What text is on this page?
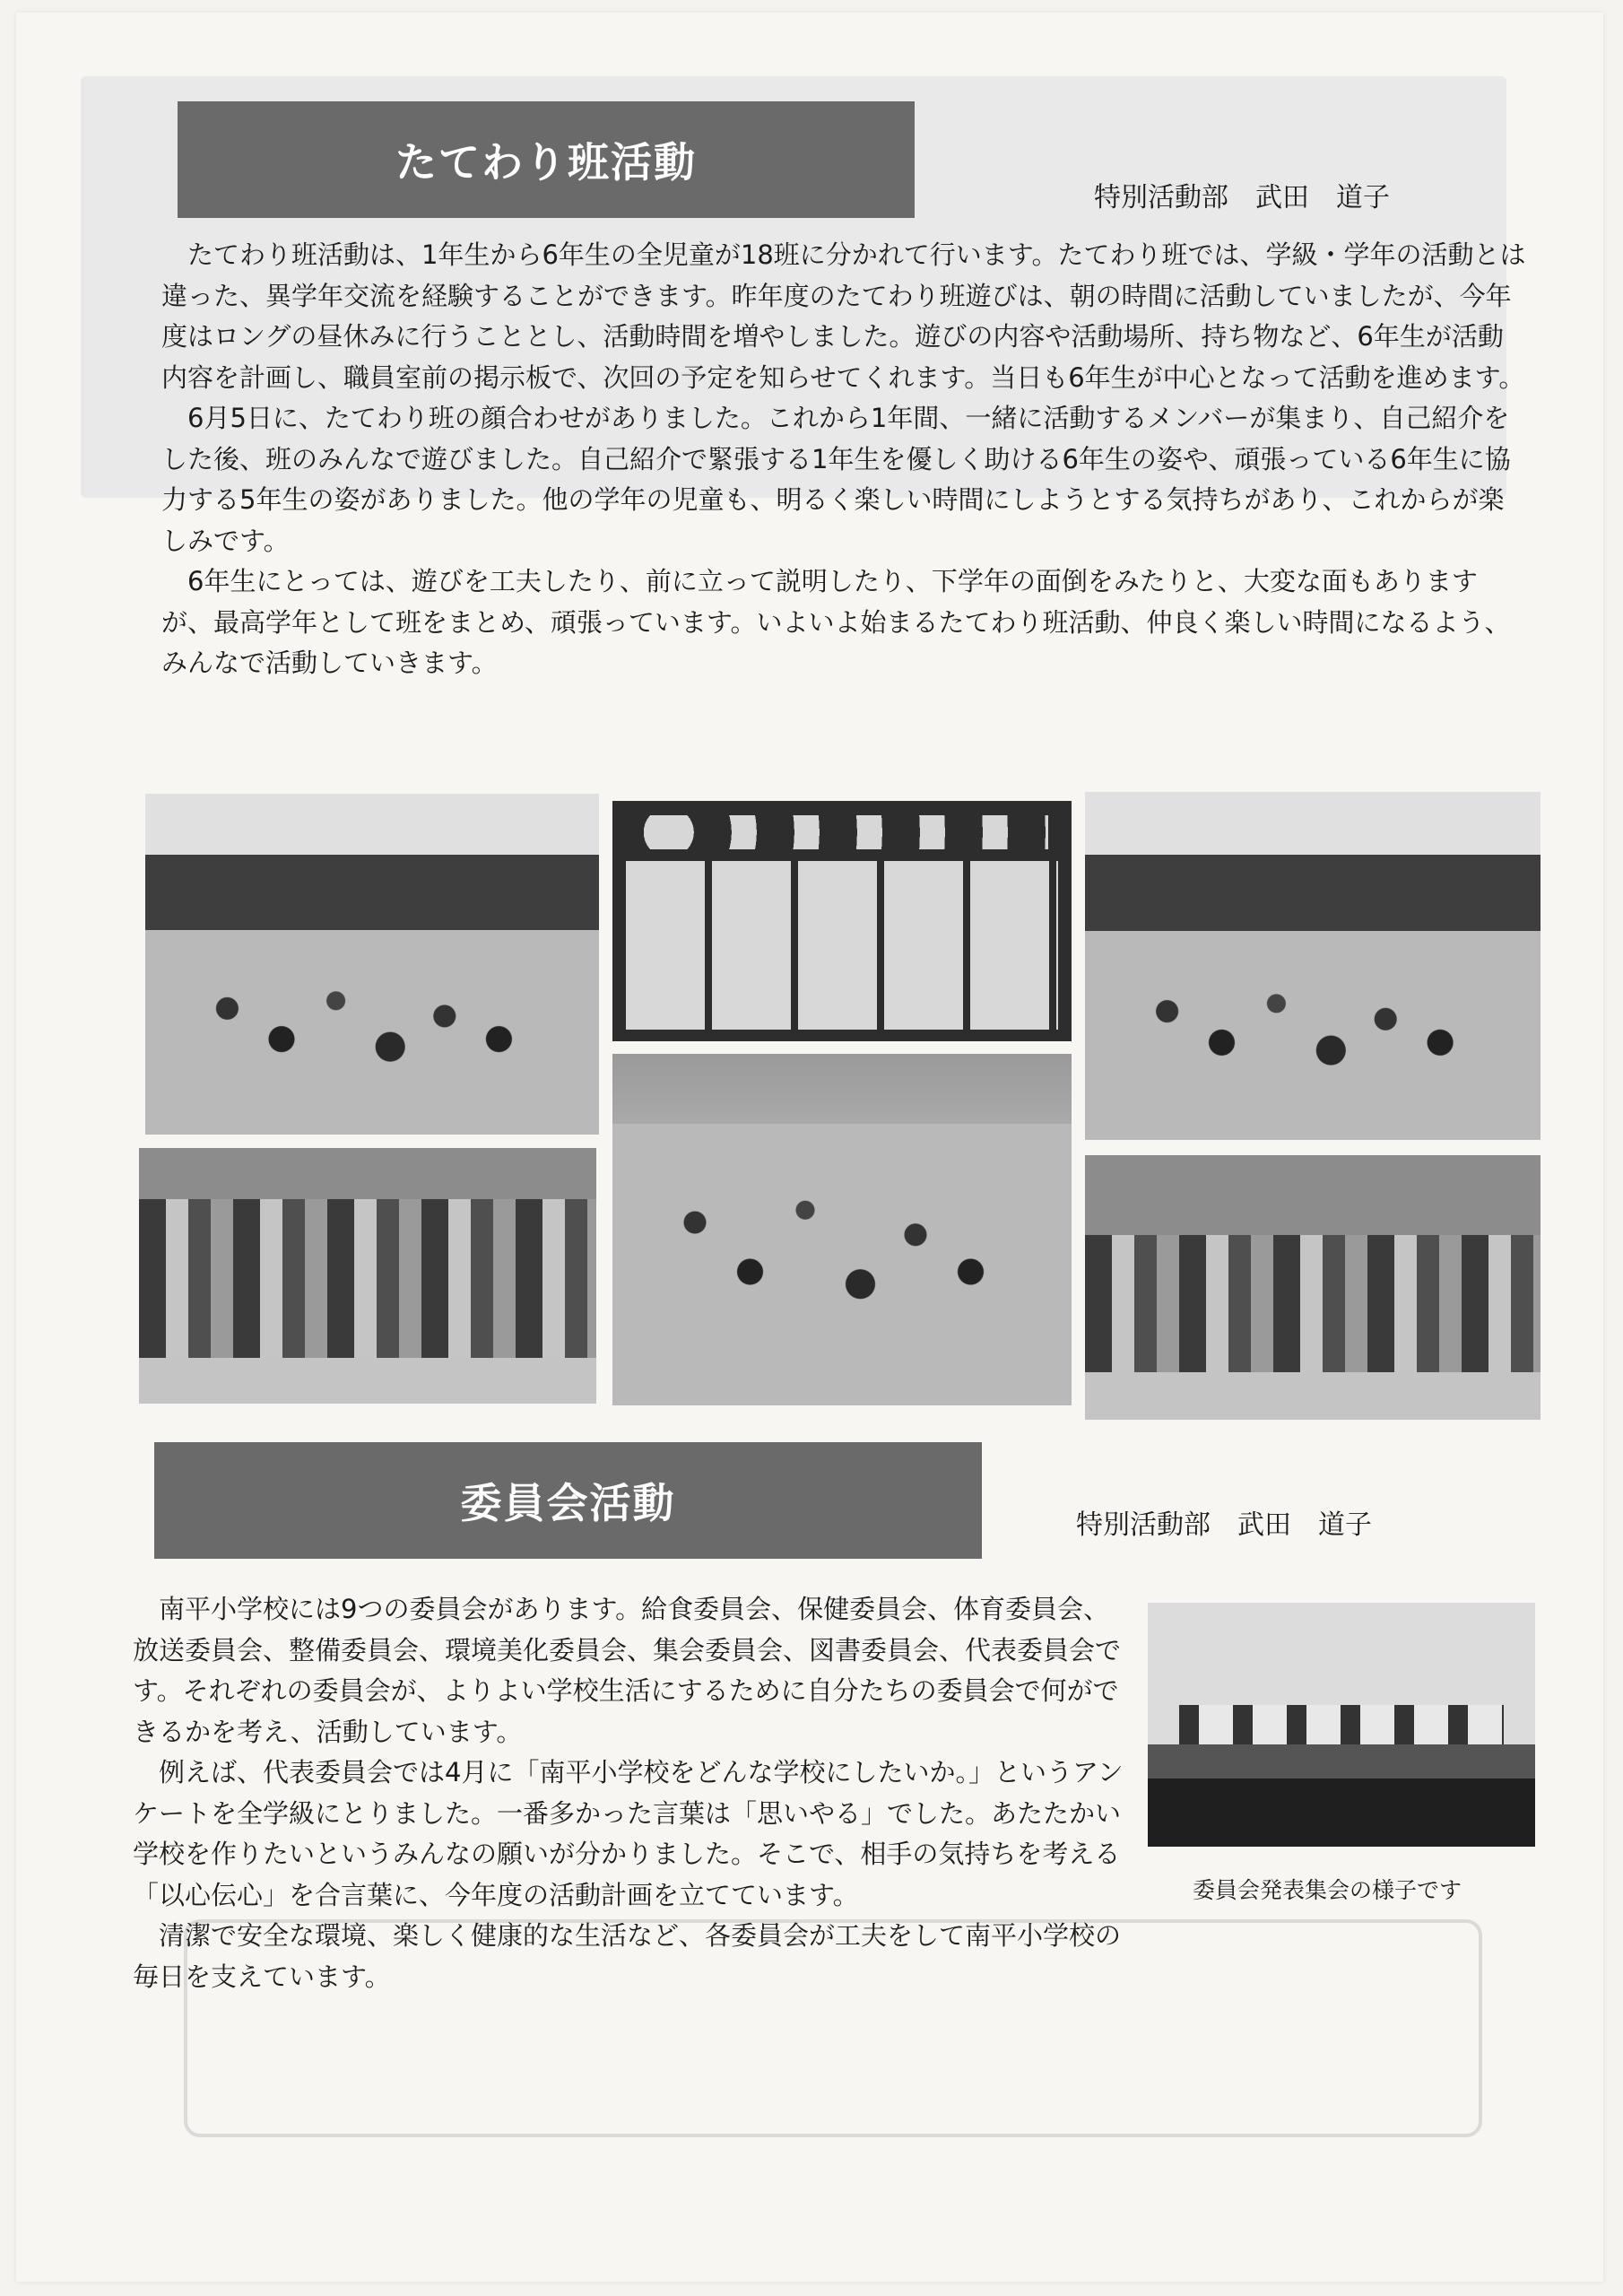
たてわり班活動
特別活動部　武田　道子

たてわり班活動は、1年生から6年生の全児童が18班に分かれて行います。たてわり班では、学級・学年の活動とは違った、異学年交流を経験することができます。昨年度のたてわり班遊びは、朝の時間に活動していましたが、今年度はロングの昼休みに行うこととし、活動時間を増やしました。遊びの内容や活動場所、持ち物など、6年生が活動内容を計画し、職員室前の掲示板で、次回の予定を知らせてくれます。当日も6年生が中心となって活動を進めます。

6月5日に、たてわり班の顔合わせがありました。これから1年間、一緒に活動するメンバーが集まり、自己紹介をした後、班のみんなで遊びました。自己紹介で緊張する1年生を優しく助ける6年生の姿や、頑張っている6年生に協力する5年生の姿がありました。他の学年の児童も、明るく楽しい時間にしようとする気持ちがあり、これからが楽しみです。

6年生にとっては、遊びを工夫したり、前に立って説明したり、下学年の面倒をみたりと、大変な面もありますが、最高学年として班をまとめ、頑張っています。いよいよ始まるたてわり班活動、仲良く楽しい時間になるよう、みんなで活動していきます。

委員会活動	特別活動部　武田　道子

南平小学校には9つの委員会があります。給食委員会、保健委員会、体育委員会、放送委員会、整備委員会、環境美化委員会、集会委員会、図書委員会、代表委員会です。それぞれの委員会が、よりよい学校生活にするために自分たちの委員会で何ができるかを考え、活動しています。

例えば、代表委員会では4月に「南平小学校をどんな学校にしたいか。」というアンケートを全学級にとりました。一番多かった言葉は「思いやる」でした。あたたかい学校を作りたいというみんなの願いが分かりました。そこで、相手の気持ちを考える「以心伝心」を合言葉に、今年度の活動計画を立てています。

清潔で安全な環境、楽しく健康的な生活など、各委員会が工夫をして南平小学校の毎日を支えています。

委員会発表集会の様子です
